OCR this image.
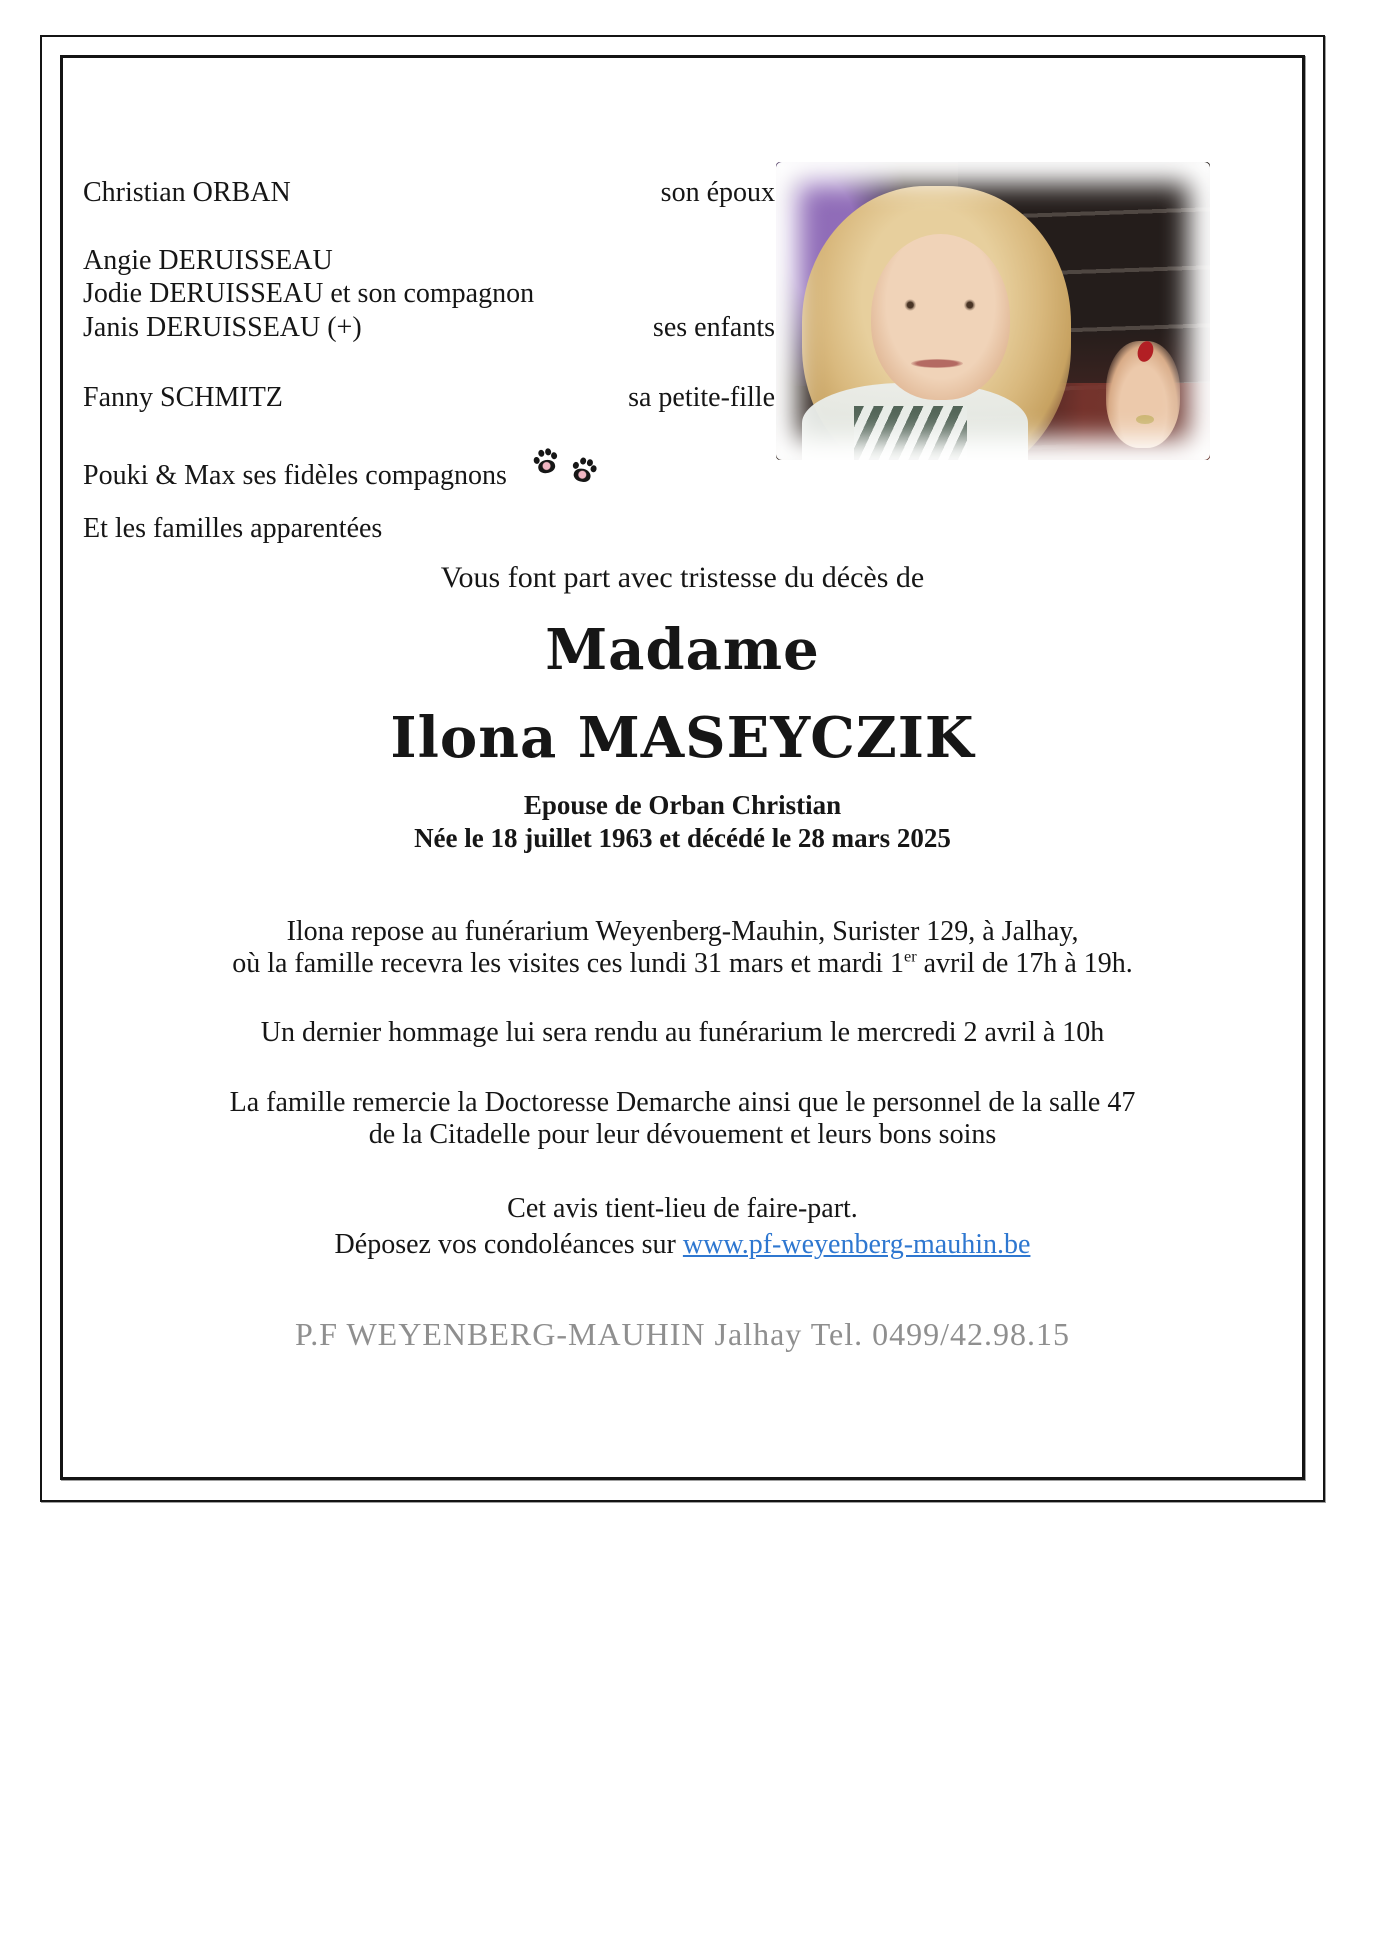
Christian ORBAN	son époux
Angie DERUISSEAU
Jodie DERUISSEAU et son compagnon
Janis DERUISSEAU (+)	ses enfants
Fanny SCHMITZ	sa petite-fille
Pouki & Max ses fidèles compagnons
Et les familles apparentées
Vous font part avec tristesse du décès de
Madame
Ilona MASEYCZIK
Epouse de Orban Christian
Née le 18 juillet 1963 et décédé le 28 mars 2025
Ilona repose au funérarium Weyenberg-Mauhin, Surister 129, à Jalhay,
où la famille recevra les visites ces lundi 31 mars et mardi 1er avril de 17h à 19h.
Un dernier hommage lui sera rendu au funérarium le mercredi 2 avril à 10h
La famille remercie la Doctoresse Demarche ainsi que le personnel de la salle 47
de la Citadelle pour leur dévouement et leurs bons soins
Cet avis tient-lieu de faire-part.
Déposez vos condoléances sur www.pf-weyenberg-mauhin.be
P.F WEYENBERG-MAUHIN Jalhay Tel. 0499/42.98.15
